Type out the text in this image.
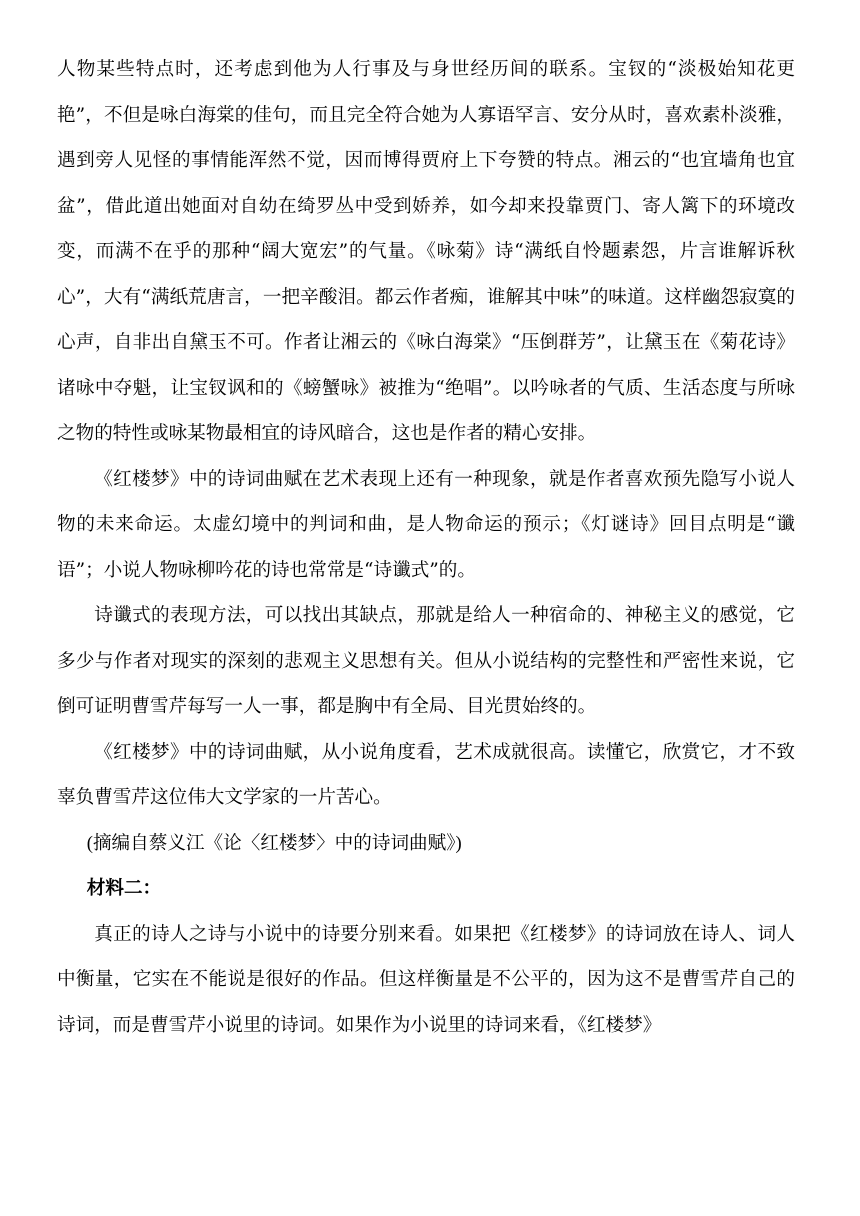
人物某些特点时，还考虑到他为人行事及与身世经历间的联系。宝钗的“淡极始知花更艳”，不但是咏白海棠的佳句，而且完全符合她为人寡语罕言、安分从时，喜欢素朴淡雅，遇到旁人见怪的事情能浑然不觉，因而博得贾府上下夸赞的特点。湘云的“也宜墙角也宜盆”，借此道出她面对自幼在绮罗丛中受到娇养，如今却来投靠贾门、寄人篱下的环境改变，而满不在乎的那种“阔大宽宏”的气量。《咏菊》诗“满纸自怜题素怨，片言谁解诉秋心”，大有“满纸荒唐言，一把辛酸泪。都云作者痴，谁解其中味”的味道。这样幽怨寂寞的心声，自非出自黛玉不可。作者让湘云的《咏白海棠》“压倒群芳”，让黛玉在《菊花诗》诸咏中夺魁，让宝钗讽和的《螃蟹咏》被推为“绝唱”。以吟咏者的气质、生活态度与所咏之物的特性或咏某物最相宜的诗风暗合，这也是作者的精心安排。

《红楼梦》中的诗词曲赋在艺术表现上还有一种现象，就是作者喜欢预先隐写小说人物的未来命运。太虚幻境中的判词和曲，是人物命运的预示；《灯谜诗》回目点明是“谶语”；小说人物咏柳吟花的诗也常常是“诗谶式”的。

诗谶式的表现方法，可以找出其缺点，那就是给人一种宿命的、神秘主义的感觉，它多少与作者对现实的深刻的悲观主义思想有关。但从小说结构的完整性和严密性来说，它倒可证明曹雪芹每写一人一事，都是胸中有全局、目光贯始终的。

《红楼梦》中的诗词曲赋，从小说角度看，艺术成就很高。读懂它，欣赏它，才不致辜负曹雪芹这位伟大文学家的一片苦心。

(摘编自蔡义江《论〈红楼梦〉中的诗词曲赋》)

材料二：

真正的诗人之诗与小说中的诗要分别来看。如果把《红楼梦》的诗词放在诗人、词人中衡量，它实在不能说是很好的作品。但这样衡量是不公平的，因为这不是曹雪芹自己的诗词，而是曹雪芹小说里的诗词。如果作为小说里的诗词来看，《红楼梦》
